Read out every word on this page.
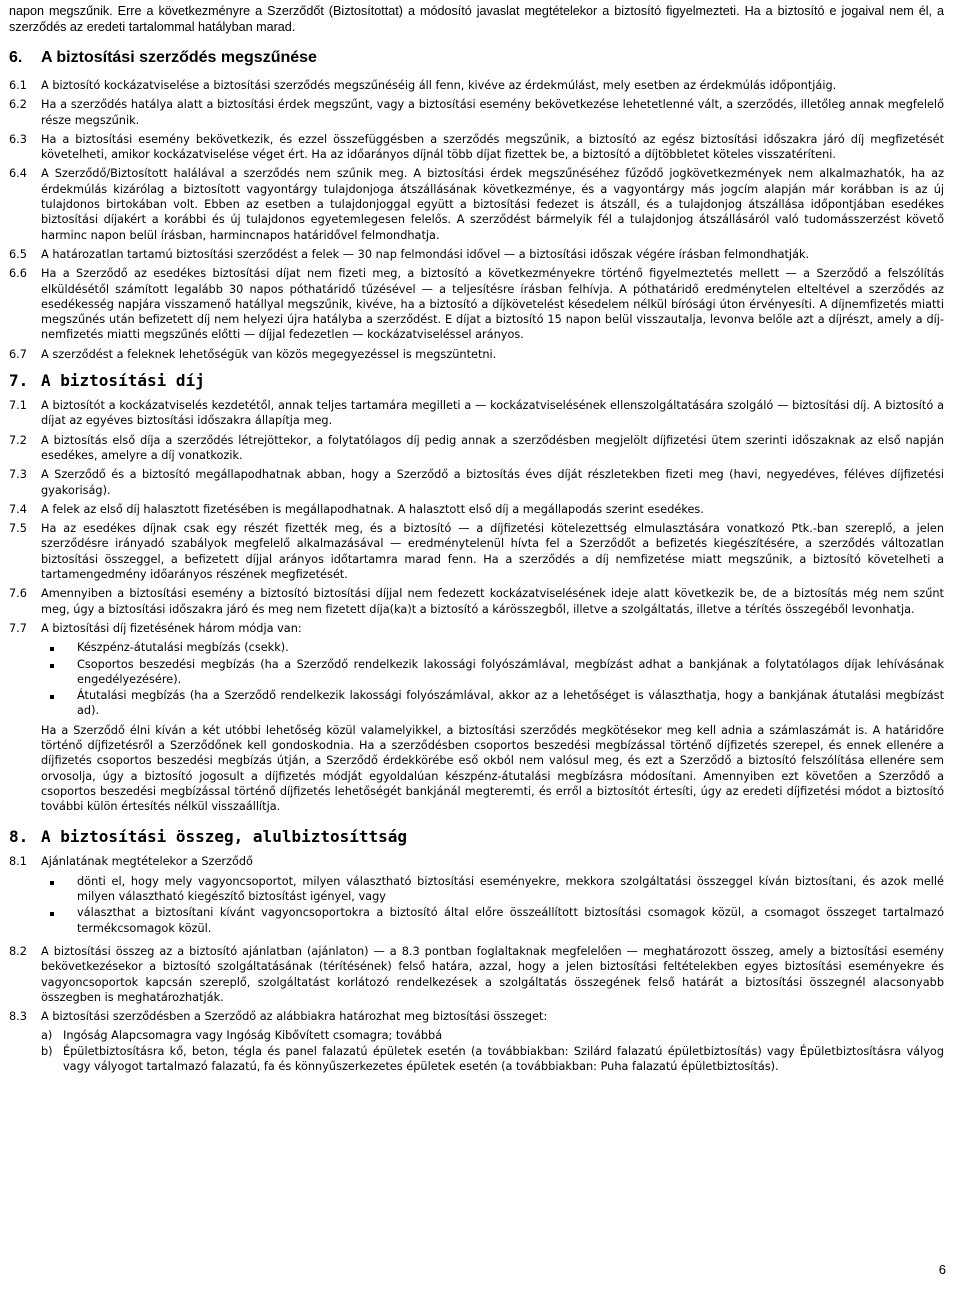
napon megszűnik. Erre a következményre a Szerződőt (Biztosítottat) a módosító javaslat megtételekor a biztosító figyelmezteti. Ha a biztosító e jogaival nem él, a szerződés az eredeti tartalommal hatályban marad.

6.	A biztosítási szerződés megszűnése
6.1	A biztosító kockázatviselése a biztosítási szerződés megszűnéséig áll fenn, kivéve az érdekmúlást, mely esetben az érdekmúlás időpontjáig.
6.2	Ha a szerződés hatálya alatt a biztosítási érdek megszűnt, vagy a biztosítási esemény bekövetkezése lehetetlenné vált, a szerződés, illetőleg annak megfelelő része megszűnik.
6.3	Ha a biztosítási esemény bekövetkezik, és ezzel összefüggésben a szerződés megszűnik, a biztosító az egész biztosítási időszakra járó díj megfizetését követelheti, amikor kockázatviselése véget ért. Ha az időarányos díjnál több díjat fizettek be, a biztosító a díjtöbbletet köteles visszatéríteni.
6.4	A Szerződő/Biztosított halálával a szerződés nem szűnik meg. A biztosítási érdek megszűnéséhez fűződő jogkövetkezmények nem alkalmazhatók, ha az érdekmúlás kizárólag a biztosított vagyontárgy tulajdonjoga átszállásának következménye, és a vagyontárgy más jogcím alapján már korábban is az új tulajdonos birtokában volt. Ebben az esetben a tulajdonjoggal együtt a biztosítási fedezet is átszáll, és a tulajdonjog átszállása időpontjában esedékes biztosítási díjakért a korábbi és új tulajdonos egyetemlegesen felelős. A szerződést bármelyik fél a tulajdonjog átszállásáról való tudomásszerzést követő harminc napon belül írásban, harmincnapos határidővel felmondhatja.
6.5	A határozatlan tartamú biztosítási szerződést a felek — 30 nap felmondási idővel — a biztosítási időszak végére írásban felmondhatják.
6.6	Ha a Szerződő az esedékes biztosítási díjat nem fizeti meg, a biztosító a következményekre történő figyelmeztetés mellett — a Szerződő a felszólítás elküldésétől számított legalább 30 napos póthatáridő tűzésével — a teljesítésre írásban felhívja. A póthatáridő eredménytelen elteltével a szerződés az esedékesség napjára visszamenő hatállyal megszűnik, kivéve, ha a biztosító a díjkövetelést késedelem nélkül bírósági úton érvényesíti. A díjnemfizetés miatti megszűnés után befizetett díj nem helyezi újra hatályba a szerződést. E díjat a biztosító 15 napon belül visszautalja, levonva belőle azt a díjrészt, amely a díj-nemfizetés miatti megszűnés előtti — díjjal fedezetlen — kockázatviseléssel arányos.
6.7	A szerződést a feleknek lehetőségük van közös megegyezéssel is megszüntetni.
7. A biztosítási díj
7.1	A biztosítót a kockázatviselés kezdetétől, annak teljes tartamára megilleti a — kockázatviselésének ellenszolgáltatására szolgáló — biztosítási díj. A biztosító a díjat az egyéves biztosítási időszakra állapítja meg.
7.2	A biztosítás első díja a szerződés létrejöttekor, a folytatólagos díj pedig annak a szerződésben megjelölt díjfizetési ütem szerinti időszaknak az első napján esedékes, amelyre a díj vonatkozik.
7.3	A Szerződő és a biztosító megállapodhatnak abban, hogy a Szerződő a biztosítás éves díját részletekben fizeti meg (havi, negyedéves, féléves díjfizetési gyakoriság).
7.4	A felek az első díj halasztott fizetésében is megállapodhatnak. A halasztott első díj a megállapodás szerint esedékes.
7.5	Ha az esedékes díjnak csak egy részét fizették meg, és a biztosító — a díjfizetési kötelezettség elmulasztására vonatkozó Ptk.-ban szereplő, a jelen szerződésre irányadó szabályok megfelelő alkalmazásával — eredménytelenül hívta fel a Szerződőt a befizetés kiegészítésére, a szerződés változatlan biztosítási összeggel, a befizetett díjjal arányos időtartamra marad fenn. Ha a szerződés a díj nemfizetése miatt megszűnik, a biztosító követelheti a tartamengedmény időarányos részének megfizetését.
7.6	Amennyiben a biztosítási esemény a biztosító biztosítási díjjal nem fedezett kockázatviselésének ideje alatt következik be, de a biztosítás még nem szűnt meg, úgy a biztosítási időszakra járó és meg nem fizetett díja(ka)t a biztosító a kárösszegből, illetve a szolgáltatás, illetve a térítés összegéből levonhatja.
7.7	A biztosítási díj fizetésének három módja van:

Készpénz-átutalási megbízás (csekk).
Csoportos beszedési megbízás (ha a Szerződő rendelkezik lakossági folyószámlával, megbízást adhat a bankjának a folytatólagos díjak lehívásának engedélyezésére).
Átutalási megbízás (ha a Szerződő rendelkezik lakossági folyószámlával, akkor az a lehetőséget is választhatja, hogy a bankjának átutalási megbízást ad).

Ha a Szerződő élni kíván a két utóbbi lehetőség közül valamelyikkel, a biztosítási szerződés megkötésekor meg kell adnia a számlaszámát is. A határidőre történő díjfizetésről a Szerződőnek kell gondoskodnia. Ha a szerződésben csoportos beszedési megbízással történő díjfizetés szerepel, és ennek ellenére a díjfizetés csoportos beszedési megbízás útján, a Szerződő érdekkörébe eső okból nem valósul meg, és ezt a Szerződő a biztosító felszólítása ellenére sem orvosolja, úgy a biztosító jogosult a díjfizetés módját egyoldalúan készpénz-átutalási megbízásra módosítani. Amennyiben ezt követően a Szerződő a csoportos beszedési megbízással történő díjfizetés lehetőségét bankjánál megteremti, és erről a biztosítót értesíti, úgy az eredeti díjfizetési módot a biztosító további külön értesítés nélkül visszaállítja.

8. A biztosítási összeg, alulbiztosíttság
8.1	Ajánlatának megtételekor a Szerződő

dönti el, hogy mely vagyoncsoportot, milyen választható biztosítási eseményekre, mekkora szolgáltatási összeggel kíván biztosítani, és azok mellé milyen választható kiegészítő biztosítást igényel, vagy
választhat a biztosítani kívánt vagyoncsoportokra a biztosító által előre összeállított biztosítási csomagok közül, a csomagot összeget tartalmazó termékcsomagok közül.
8.2	A biztosítási összeg az a biztosító ajánlatban (ajánlaton) — a 8.3 pontban foglaltaknak megfelelően — meghatározott összeg, amely a biztosítási esemény bekövetkezésekor a biztosító szolgáltatásának (térítésének) felső határa, azzal, hogy a jelen biztosítási feltételekben egyes biztosítási eseményekre és vagyoncsoportok kapcsán szereplő, szolgáltatást korlátozó rendelkezések a szolgáltatás összegének felső határát a biztosítási összegnél alacsonyabb összegben is meghatározhatják.
8.3	A biztosítási szerződésben a Szerződő az alábbiakra határozhat meg biztosítási összeget:

a) Ingóság Alapcsomagra vagy Ingóság Kibővített csomagra; továbbá
b) Épületbiztosításra kő, beton, tégla és panel falazatú épületek esetén (a továbbiakban: Szilárd falazatú épületbiztosítás) vagy Épületbiztosításra vályog vagy vályogot tartalmazó falazatú, fa és könnyűszerkezetes épületek esetén (a továbbiakban: Puha falazatú épületbiztosítás).
6
